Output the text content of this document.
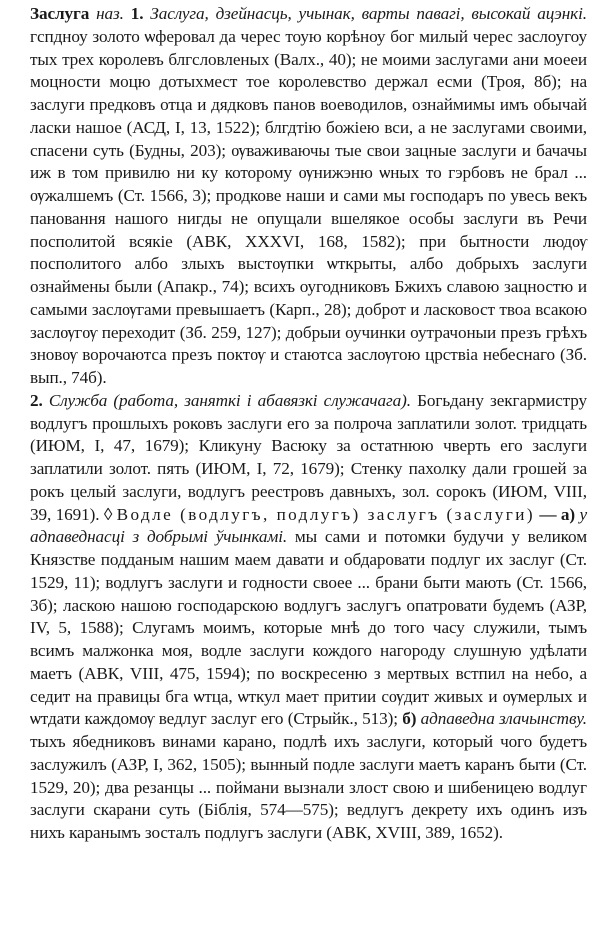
Заслуга наз. 1. Заслуга, дзейнасць, учынак, варты павагі, высокай ацэнкі. гспдноу золото ѡферовал да черес тоую корѣноу бог милый черес заслоугоу тых трех королевъ блгсловленых (Валх., 40); не моими заслугами ани моееи моцности моцю дотыхмест тое королевство держал есми (Троя, 8б); на заслуги предковъ отца и дядковъ панов воеводилов, ознаймимы имъ обычай ласки нашое (АСД, I, 13, 1522); блгдтію божіею вси, а не заслугами своими, спасени суть (Будны, 203); ѹваживаючы тые свои зацные заслуги и бачачы иж в том привилю ни ку которому ѹнижэню ѡных то гэрбовъ не брал ... ѹжалшемъ (Ст. 1566, 3); продкове наши и сами мы господаръ по увесь векъ пановання нашого нигды не опущали вшелякое особы заслуги въ Речи посполитой всякіе (АВК, XXXVI, 168, 1582); при бытности людѹ посполитого албо злыхъ выстѹпки ѡткрыты, албо добрыхъ заслуги ознаймены были (Апакр., 74); всихъ оугодниковъ Бжихъ славою зацностю и самыми заслѹгами превышаетъ (Карп., 28); доброт и ласковост твоа всакою заслѹгѹ переходит (Зб. 259, 127); добрыи оучинки оутрачоныи презъ грѣхъ зновѹ ворочаютса презъ поктѹ и стаютса заслѹгою црствіа небеснаго (Зб. вып., 74б).

2. Служба (работа, заняткі і абавязкі служачага). Богьдану зекгармистру водлугъ прошлыхъ роковъ заслуги его за полроча заплатили золот. тридцать (ИЮМ, I, 47, 1679); Кликуну Васюку за остатнюю чверть его заслуги заплатили золот. пять (ИЮМ, I, 72, 1679); Стенку пахолку дали грошей за рокъ целый заслуги, водлугъ реестровъ давныхъ, зол. сорокъ (ИЮМ, VIII, 39, 1691). ◊ Водле (водлугъ, подлугъ) заслугъ (заслуги) — а) у адпаведнасці з добрымі ўчынкамі. мы сами и потомки будучи у великом Князстве подданым нашим маем давати и обдаровати подлуг их заслуг (Ст. 1529, 11); водлугъ заслуги и годности своее ... брани быти мають (Ст. 1566, 3б); ласкою нашою господарскою водлугъ заслугъ опатровати будемъ (АЗР, IV, 5, 1588); Слугамъ моимъ, которые мнѣ до того часу служили, тымъ всимъ малжонка моя, водле заслуги кождого нагороду слушную удѣлати маетъ (АВК, VIII, 475, 1594); по воскресеню з мертвых встпил на небо, а седит на правицы бга ѡтца, ѡткул мает притии сѹдит живых и ѹмерлых и ѡтдати каждомѹ ведлуг заслуг его (Стрыйк., 513); б) адпаведна злачынству. тыхъ ябедниковъ винами карано, подлѣ ихъ заслуги, который чого будетъ заслужилъ (АЗР, I, 362, 1505); вынный подле заслуги маетъ каранъ быти (Ст. 1529, 20); два резанцы ... поймани вызнали злост свою и шибеницею водлуг заслуги скарани суть (Біблія, 574—575); ведлугъ декрету ихъ одинъ изъ нихъ каранымъ зосталъ подлугъ заслуги (АВК, XVIII, 389, 1652).
